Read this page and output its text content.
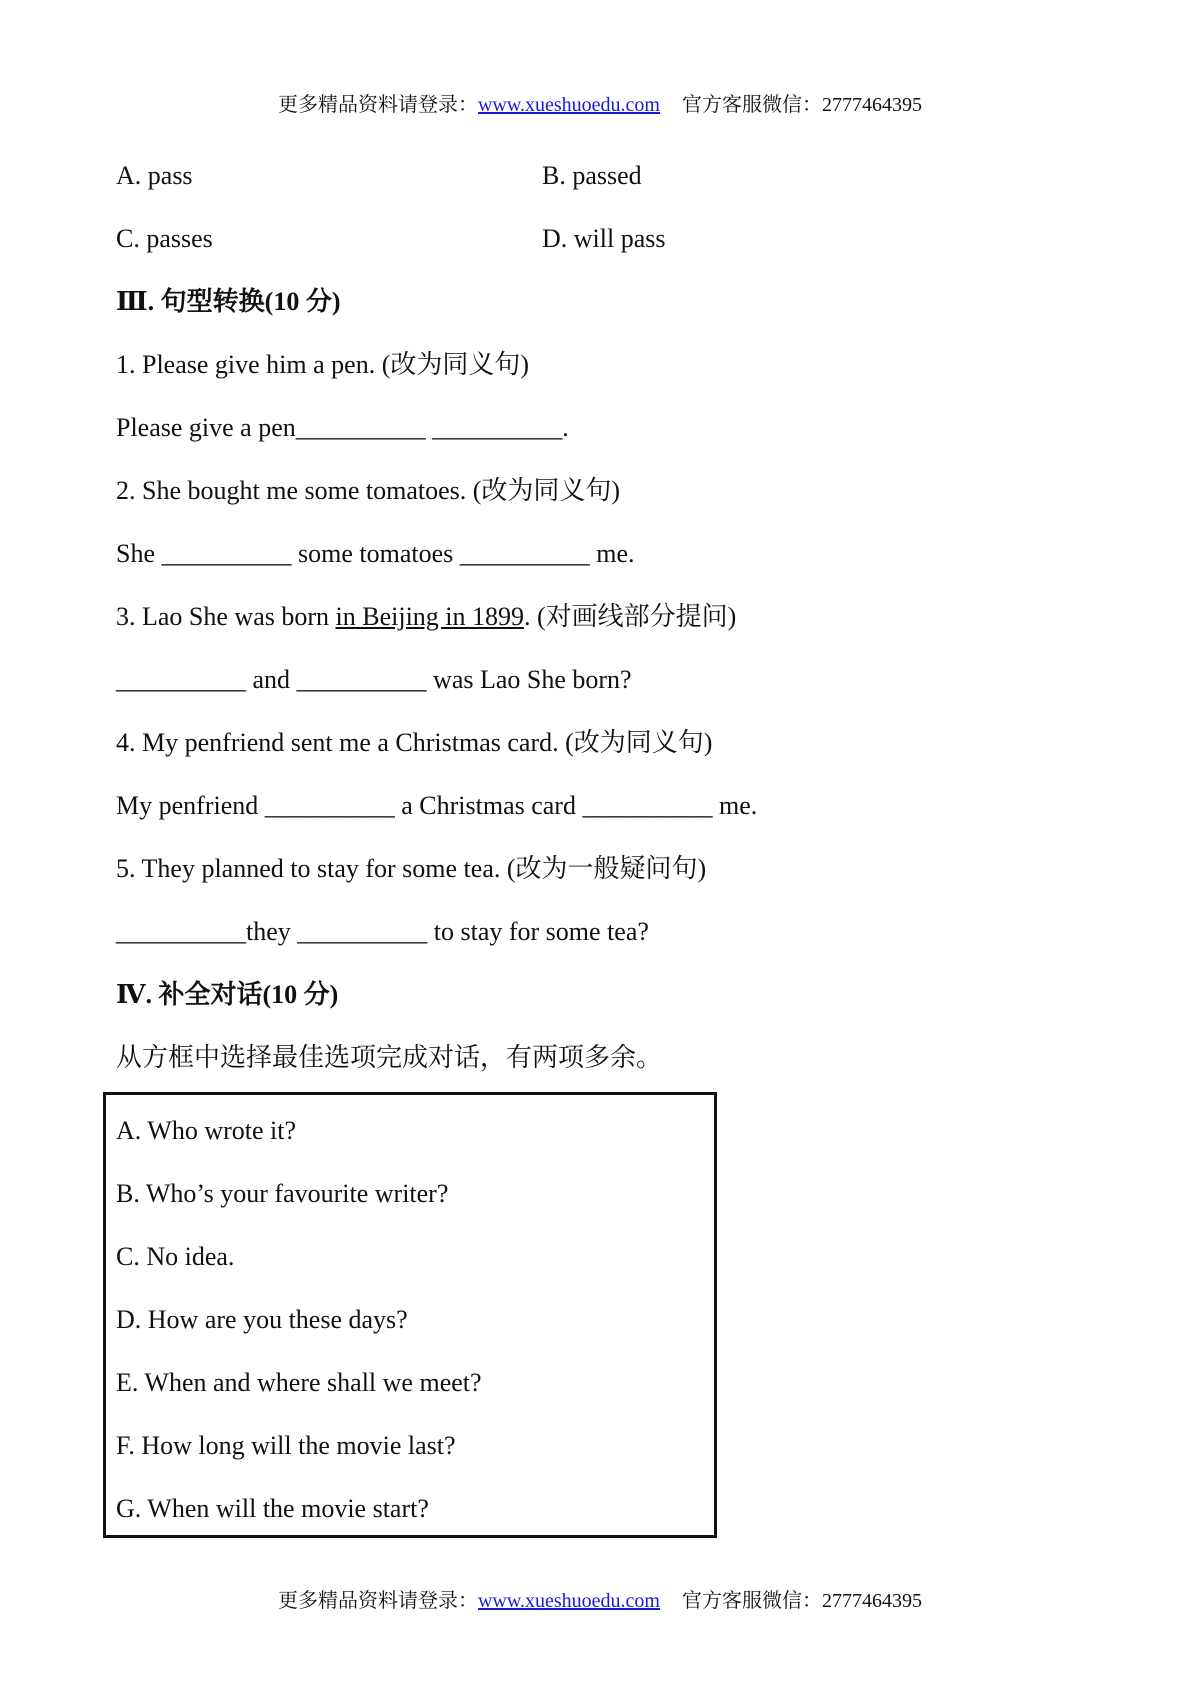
更多精品资料请登录：www.xueshuoedu.com 官方客服微信：2777464395
A. pass	B. passed
C. passes	D. will pass
Ⅲ. 句型转换(10 分)
1. Please give him a pen. (改为同义句)
Please give a pen__________ __________.
2. She bought me some tomatoes. (改为同义句)
She __________ some tomatoes __________ me.
3. Lao She was born in Beijing in 1899. (对画线部分提问)
__________ and __________ was Lao She born?
4. My penfriend sent me a Christmas card. (改为同义句)
My penfriend __________ a Christmas card __________ me.
5. They planned to stay for some tea. (改为一般疑问句)
__________they __________ to stay for some tea?
Ⅳ. 补全对话(10 分)
从方框中选择最佳选项完成对话，有两项多余。
A. Who wrote it?
B. Who’s your favourite writer?
C. No idea.
D. How are you these days?
E. When and where shall we meet?
F. How long will the movie last?
G. When will the movie start?
更多精品资料请登录：www.xueshuoedu.com 官方客服微信：2777464395
